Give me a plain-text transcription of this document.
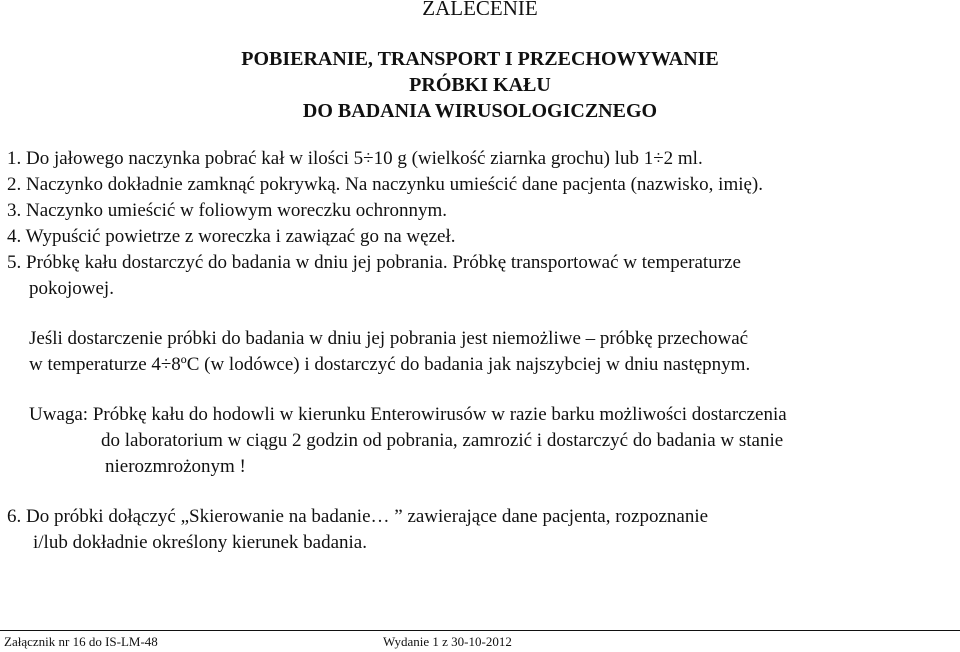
ZALECENIE
POBIERANIE, TRANSPORT I PRZECHOWYWANIE
PRÓBKI KAŁU
DO BADANIA WIRUSOLOGICZNEGO
1. Do jałowego naczynka pobrać kał w ilości 5÷10 g (wielkość ziarnka grochu) lub 1÷2 ml.
2. Naczynko dokładnie zamknąć pokrywką. Na naczynku umieścić dane pacjenta (nazwisko, imię).
3. Naczynko umieścić w foliowym woreczku ochronnym.
4. Wypuścić powietrze z woreczka i zawiązać go na węzeł.
5. Próbkę kału dostarczyć do badania w dniu jej pobrania. Próbkę transportować w temperaturze
pokojowej.
Jeśli dostarczenie próbki do badania w dniu jej pobrania jest niemożliwe – próbkę przechować
w temperaturze 4÷8ºC (w lodówce) i dostarczyć do badania jak najszybciej w dniu następnym.
Uwaga: Próbkę kału do hodowli w kierunku Enterowirusów w razie barku możliwości dostarczenia
do laboratorium w ciągu 2 godzin od pobrania, zamrozić i dostarczyć do badania w stanie
nierozmrożonym !
6. Do próbki dołączyć „Skierowanie na badanie… ” zawierające dane pacjenta, rozpoznanie
i/lub dokładnie określony kierunek badania.
Załącznik nr 16 do IS-LM-48	Wydanie 1 z 30-10-2012
